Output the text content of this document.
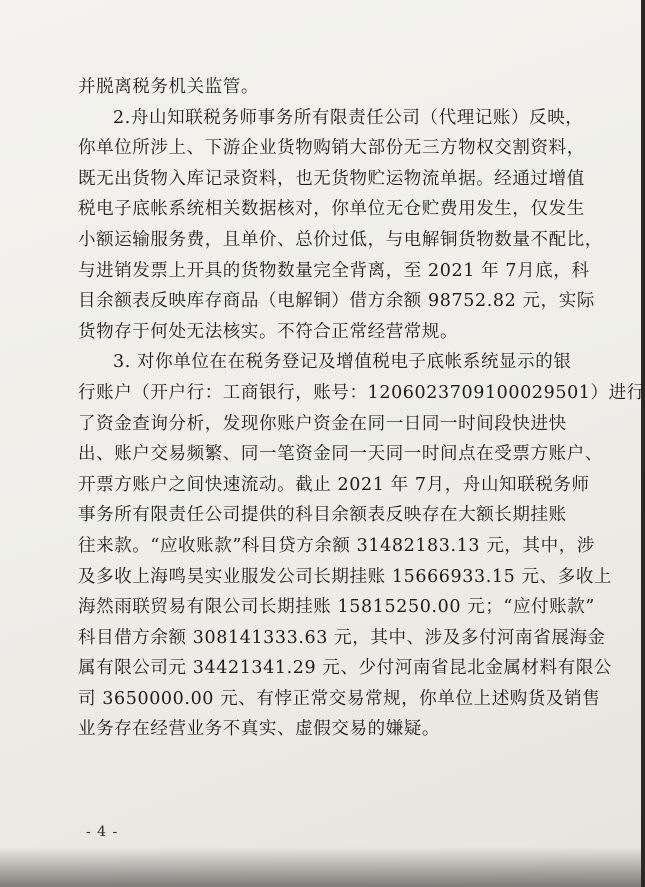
并脱离税务机关监管。
2.舟山知联税务师事务所有限责任公司（代理记账）反映，
你单位所涉上、下游企业货物购销大部份无三方物权交割资料，
既无出货物入库记录资料，也无货物贮运物流单据。经通过增值
税电子底帐系统相关数据核对，你单位无仓贮费用发生，仅发生
小额运输服务费，且单价、总价过低，与电解铜货物数量不配比，
与进销发票上开具的货物数量完全背离，至 2021 年 7月底，科
目余额表反映库存商品（电解铜）借方余额 98752.82 元，实际
货物存于何处无法核实。不符合正常经营常规。
3. 对你单位在在税务登记及增值税电子底帐系统显示的银
行账户（开户行：工商银行，账号：1206023709100029501）进行
了资金查询分析，发现你账户资金在同一日同一时间段快进快
出、账户交易频繁、同一笔资金同一天同一时间点在受票方账户、
开票方账户之间快速流动。截止 2021 年 7月，舟山知联税务师
事务所有限责任公司提供的科目余额表反映存在大额长期挂账
往来款。“应收账款”科目贷方余额 31482183.13 元，其中，涉
及多收上海鸣昊实业服发公司长期挂账 15666933.15 元、多收上
海然雨联贸易有限公司长期挂账 15815250.00 元；“应付账款”
科目借方余额 308141333.63 元，其中、涉及多付河南省展海金
属有限公司元 34421341.29 元、少付河南省昆北金属材料有限公
司 3650000.00 元、有悖正常交易常规，你单位上述购货及销售
业务存在经营业务不真实、虚假交易的嫌疑。
- 4 -
